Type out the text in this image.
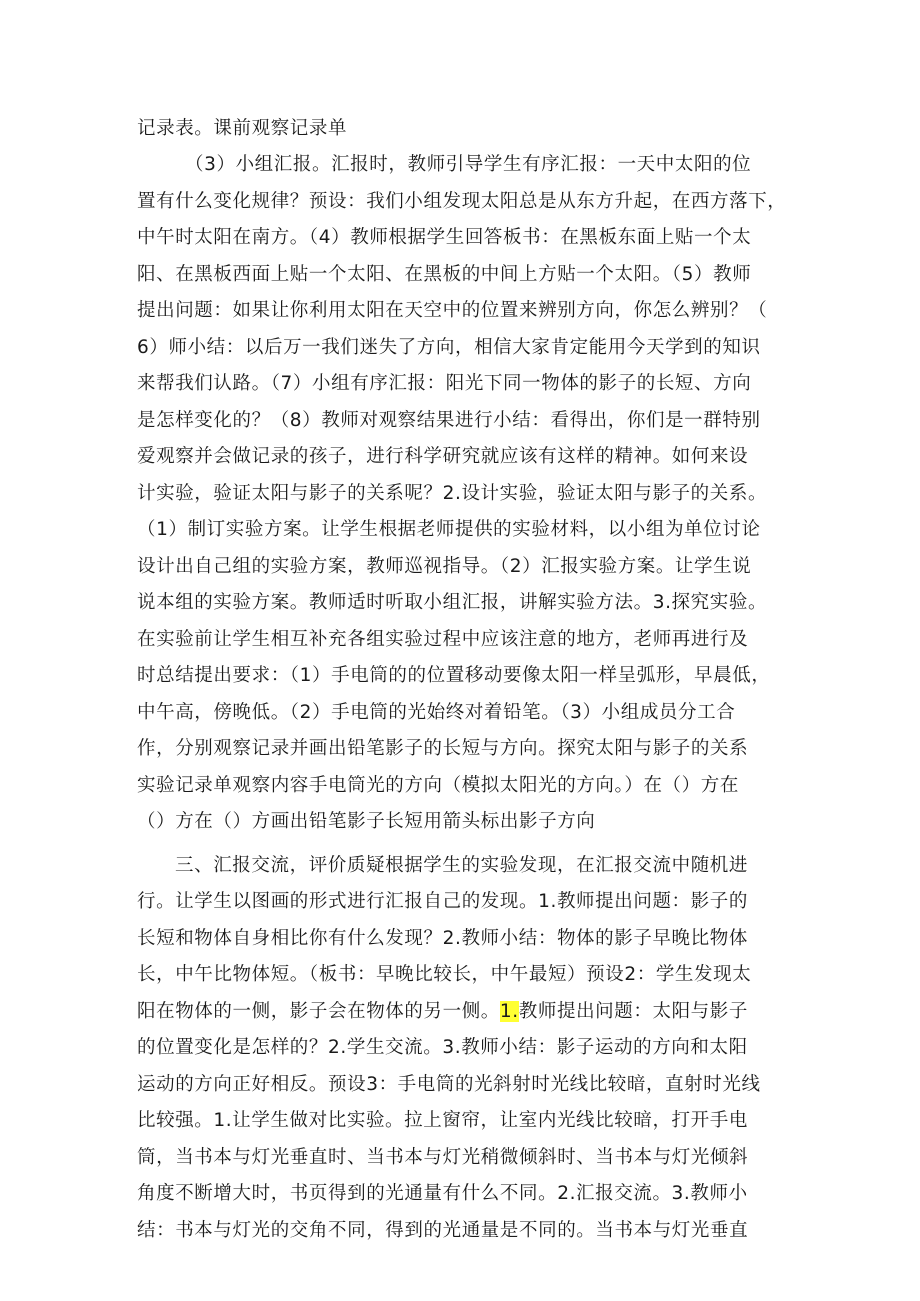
记录表。课前观察记录单
（3）小组汇报。汇报时，教师引导学生有序汇报：一天中太阳的位
置有什么变化规律？预设：我们小组发现太阳总是从东方升起，在西方落下，
中午时太阳在南方。（4）教师根据学生回答板书：在黑板东面上贴一个太
阳、在黑板西面上贴一个太阳、在黑板的中间上方贴一个太阳。（5）教师
提出问题：如果让你利用太阳在天空中的位置来辨别方向，你怎么辨别？（
6）师小结：以后万一我们迷失了方向，相信大家肯定能用今天学到的知识
来帮我们认路。（7）小组有序汇报：阳光下同一物体的影子的长短、方向
是怎样变化的？（8）教师对观察结果进行小结：看得出，你们是一群特别
爱观察并会做记录的孩子，进行科学研究就应该有这样的精神。如何来设
计实验，验证太阳与影子的关系呢？2.设计实验，验证太阳与影子的关系。
（1）制订实验方案。让学生根据老师提供的实验材料，以小组为单位讨论
设计出自己组的实验方案，教师巡视指导。（2）汇报实验方案。让学生说
说本组的实验方案。教师适时听取小组汇报，讲解实验方法。3.探究实验。
在实验前让学生相互补充各组实验过程中应该注意的地方，老师再进行及
时总结提出要求：（1）手电筒的的位置移动要像太阳一样呈弧形，早晨低，
中午高，傍晚低。（2）手电筒的光始终对着铅笔。（3）小组成员分工合
作，分别观察记录并画出铅笔影子的长短与方向。探究太阳与影子的关系
实验记录单观察内容手电筒光的方向（模拟太阳光的方向。）在（）方在
（）方在（）方画出铅笔影子长短用箭头标出影子方向
三、汇报交流，评价质疑根据学生的实验发现，在汇报交流中随机进
行。让学生以图画的形式进行汇报自己的发现。1.教师提出问题：影子的
长短和物体自身相比你有什么发现？2.教师小结：物体的影子早晚比物体
长，中午比物体短。（板书：早晚比较长，中午最短）预设2：学生发现太
阳在物体的一侧，影子会在物体的另一侧。1.教师提出问题：太阳与影子
的位置变化是怎样的？2.学生交流。3.教师小结：影子运动的方向和太阳
运动的方向正好相反。预设3：手电筒的光斜射时光线比较暗，直射时光线
比较强。1.让学生做对比实验。拉上窗帘，让室内光线比较暗，打开手电
筒，当书本与灯光垂直时、当书本与灯光稍微倾斜时、当书本与灯光倾斜
角度不断增大时，书页得到的光通量有什么不同。2.汇报交流。3.教师小
结：书本与灯光的交角不同，得到的光通量是不同的。当书本与灯光垂直
